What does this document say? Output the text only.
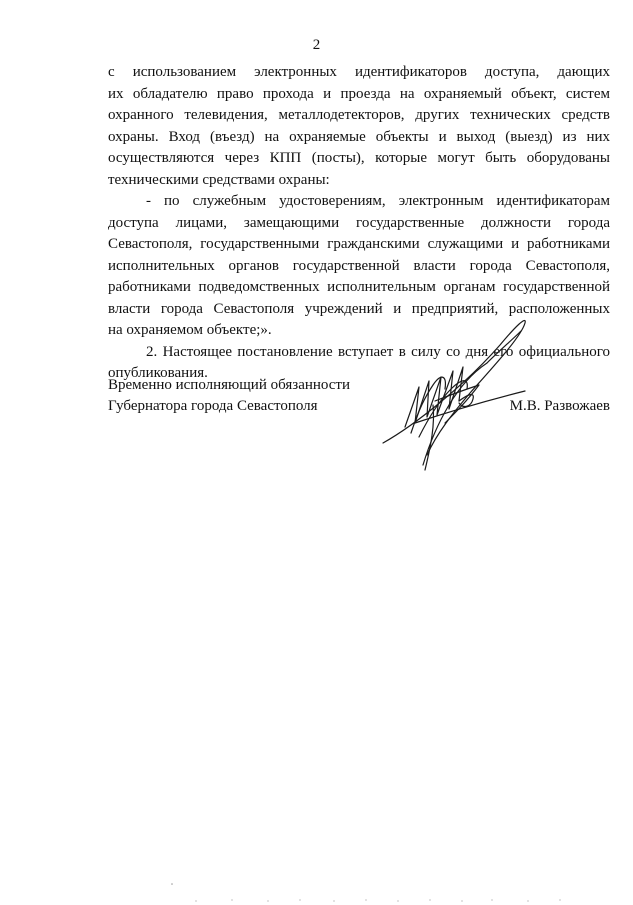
2

с использованием электронных идентификаторов доступа, дающих
их обладателю право прохода и проезда на охраняемый объект, систем
охранного телевидения, металлодетекторов, других технических средств
охраны. Вход (въезд) на охраняемые объекты и выход (выезд) из них
осуществляются через КПП (посты), которые могут быть оборудованы
техническими средствами охраны:

- по служебным удостоверениям, электронным идентификаторам
доступа лицами, замещающими государственные должности города
Севастополя, государственными гражданскими служащими и работниками
исполнительных органов государственной власти города Севастополя,
работниками подведомственных исполнительным органам государственной
власти города Севастополя учреждений и предприятий, расположенных
на охраняемом объекте;».

2. Настоящее постановление вступает в силу со дня его официального
опубликования.

Временно исполняющий обязанности
Губернатора города Севастополя	М.В. Развожаев
